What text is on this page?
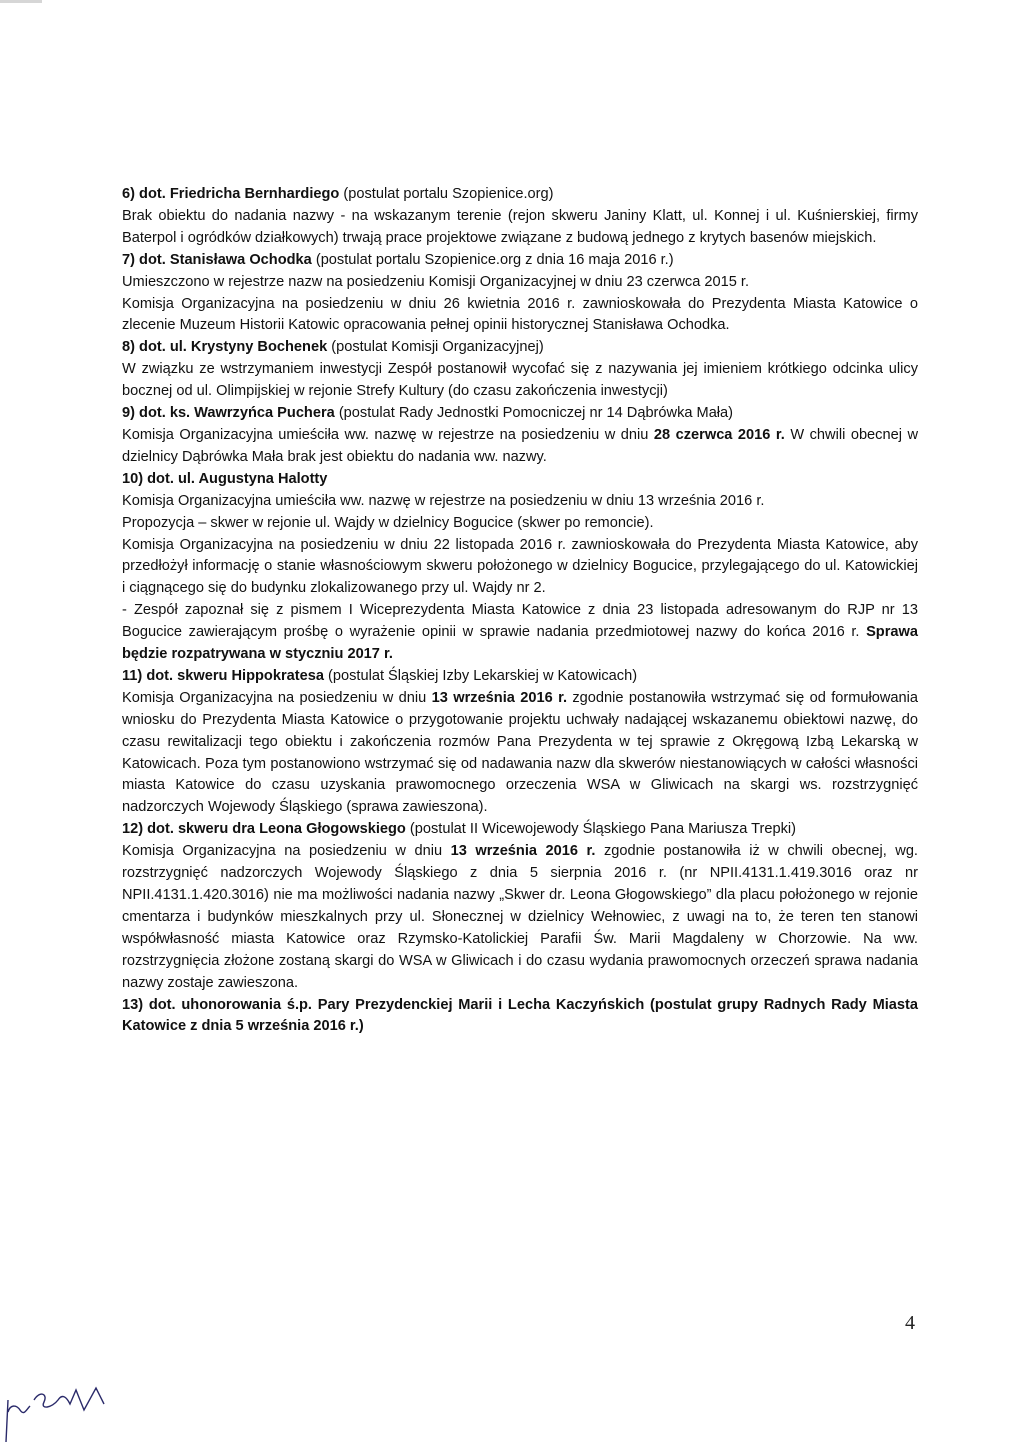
6) dot. Friedricha Bernhardiego (postulat portalu Szopienice.org)

Brak obiektu do nadania nazwy - na wskazanym terenie (rejon skweru Janiny Klatt, ul. Konnej i ul. Kuśnierskiej, firmy Baterpol i ogródków działkowych) trwają prace projektowe związane z budową jednego z krytych basenów miejskich.

7) dot. Stanisława Ochodka (postulat portalu Szopienice.org z dnia 16 maja 2016 r.)

Umieszczono w rejestrze nazw na posiedzeniu Komisji Organizacyjnej w dniu 23 czerwca 2015 r.

Komisja Organizacyjna na posiedzeniu w dniu 26 kwietnia 2016 r. zawnioskowała do Prezydenta Miasta Katowice o zlecenie Muzeum Historii Katowic opracowania pełnej opinii historycznej Stanisława Ochodka.

8) dot. ul. Krystyny Bochenek (postulat Komisji Organizacyjnej)

W związku ze wstrzymaniem inwestycji Zespół postanowił wycofać się z nazywania jej imieniem krótkiego odcinka ulicy bocznej od ul. Olimpijskiej w rejonie Strefy Kultury (do czasu zakończenia inwestycji)

9) dot. ks. Wawrzyńca Puchera (postulat Rady Jednostki Pomocniczej nr 14 Dąbrówka Mała)

Komisja Organizacyjna umieściła ww. nazwę w rejestrze na posiedzeniu w dniu 28 czerwca 2016 r. W chwili obecnej w dzielnicy Dąbrówka Mała brak jest obiektu do nadania ww. nazwy.

10) dot. ul. Augustyna Halotty

Komisja Organizacyjna umieściła ww. nazwę w rejestrze na posiedzeniu w dniu 13 września 2016 r.

Propozycja – skwer w rejonie ul. Wajdy w dzielnicy Bogucice (skwer po remoncie).

Komisja Organizacyjna na posiedzeniu w dniu 22 listopada 2016 r. zawnioskowała do Prezydenta Miasta Katowice, aby przedłożył informację o stanie własnościowym skweru położonego w dzielnicy Bogucice, przylegającego do ul. Katowickiej i ciągnącego się do budynku zlokalizowanego przy ul. Wajdy nr 2.

- Zespół zapoznał się z pismem I Wiceprezydenta Miasta Katowice z dnia 23 listopada adresowanym do RJP nr 13 Bogucice zawierającym prośbę o wyrażenie opinii w sprawie nadania przedmiotowej nazwy do końca 2016 r. Sprawa będzie rozpatrywana w styczniu 2017 r.

11) dot. skweru Hippokratesa (postulat Śląskiej Izby Lekarskiej w Katowicach)

Komisja Organizacyjna na posiedzeniu w dniu 13 września 2016 r. zgodnie postanowiła wstrzymać się od formułowania wniosku do Prezydenta Miasta Katowice o przygotowanie projektu uchwały nadającej wskazanemu obiektowi nazwę, do czasu rewitalizacji tego obiektu i zakończenia rozmów Pana Prezydenta w tej sprawie z Okręgową Izbą Lekarską w Katowicach. Poza tym postanowiono wstrzymać się od nadawania nazw dla skwerów niestanowiących w całości własności miasta Katowice do czasu uzyskania prawomocnego orzeczenia WSA w Gliwicach na skargi ws. rozstrzygnięć nadzorczych Wojewody Śląskiego (sprawa zawieszona).

12) dot. skweru dra Leona Głogowskiego (postulat II Wicewojewody Śląskiego Pana Mariusza Trepki)

Komisja Organizacyjna na posiedzeniu w dniu 13 września 2016 r. zgodnie postanowiła iż w chwili obecnej, wg. rozstrzygnięć nadzorczych Wojewody Śląskiego z dnia 5 sierpnia 2016 r. (nr NPII.4131.1.419.3016 oraz nr NPII.4131.1.420.3016) nie ma możliwości nadania nazwy „Skwer dr. Leona Głogowskiego” dla placu położonego w rejonie cmentarza i budynków mieszkalnych przy ul. Słonecznej w dzielnicy Wełnowiec, z uwagi na to, że teren ten stanowi współwłasność miasta Katowice oraz Rzymsko-Katolickiej Parafii Św. Marii Magdaleny w Chorzowie. Na ww. rozstrzygnięcia złożone zostaną skargi do WSA w Gliwicach i do czasu wydania prawomocnych orzeczeń sprawa nadania nazwy zostaje zawieszona.

13) dot. uhonorowania ś.p. Pary Prezydenckiej Marii i Lecha Kaczyńskich (postulat grupy Radnych Rady Miasta Katowice z dnia 5 września 2016 r.)

4
